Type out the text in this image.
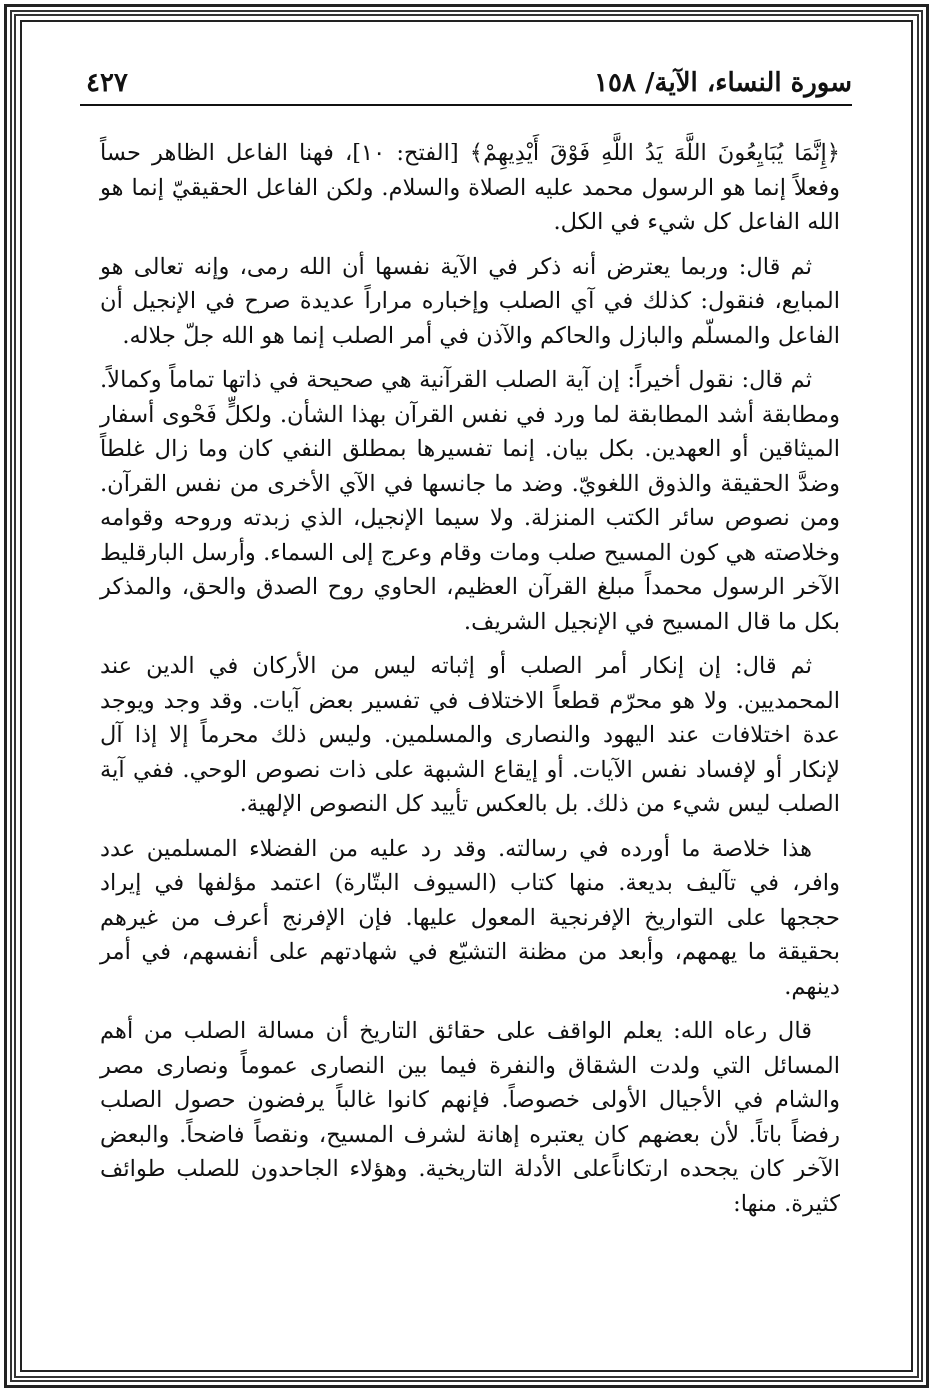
سورة النساء، الآية/ ١٥٨
٤٢٧

﴿إِنَّمَا يُبَايِعُونَ اللَّهَ يَدُ اللَّهِ فَوْقَ أَيْدِيهِمْ﴾ [الفتح: ١٠]، فهنا الفاعل الظاهر حساً وفعلاً إنما هو الرسول محمد عليه الصلاة والسلام. ولكن الفاعل الحقيقيّ إنما هو الله الفاعل كل شيء في الكل.

ثم قال: وربما يعترض أنه ذكر في الآية نفسها أن الله رمى، وإنه تعالى هو المبايع، فنقول: كذلك في آي الصلب وإخباره مراراً عديدة صرح في الإنجيل أن الفاعل والمسلّم والبازل والحاكم والآذن في أمر الصلب إنما هو الله جلّ جلاله.

ثم قال: نقول أخيراً: إن آية الصلب القرآنية هي صحيحة في ذاتها تماماً وكمالاً. ومطابقة أشد المطابقة لما ورد في نفس القرآن بهذا الشأن. ولكلٍّ فَحْوى أسفار الميثاقين أو العهدين. بكل بيان. إنما تفسيرها بمطلق النفي كان وما زال غلطاً وضدَّ الحقيقة والذوق اللغويّ. وضد ما جانسها في الآي الأخرى من نفس القرآن. ومن نصوص سائر الكتب المنزلة. ولا سيما الإنجيل، الذي زبدته وروحه وقوامه وخلاصته هي كون المسيح صلب ومات وقام وعرج إلى السماء. وأرسل البارقليط الآخر الرسول محمداً مبلغ القرآن العظيم، الحاوي روح الصدق والحق، والمذكر بكل ما قال المسيح في الإنجيل الشريف.

ثم قال: إن إنكار أمر الصلب أو إثباته ليس من الأركان في الدين عند المحمديين. ولا هو محرّم قطعاً الاختلاف في تفسير بعض آيات. وقد وجد ويوجد عدة اختلافات عند اليهود والنصارى والمسلمين. وليس ذلك محرماً إلا إذا آل لإنكار أو لإفساد نفس الآيات. أو إيقاع الشبهة على ذات نصوص الوحي. ففي آية الصلب ليس شيء من ذلك. بل بالعكس تأييد كل النصوص الإلهية.

هذا خلاصة ما أورده في رسالته. وقد رد عليه من الفضلاء المسلمين عدد وافر، في تآليف بديعة. منها كتاب (السيوف البتّارة) اعتمد مؤلفها في إيراد حججها على التواريخ الإفرنجية المعول عليها. فإن الإفرنج أعرف من غيرهم بحقيقة ما يهمهم، وأبعد من مظنة التشيّع في شهادتهم على أنفسهم، في أمر دينهم.

قال رعاه الله: يعلم الواقف على حقائق التاريخ أن مسالة الصلب من أهم المسائل التي ولدت الشقاق والنفرة فيما بين النصارى عموماً ونصارى مصر والشام في الأجيال الأولى خصوصاً. فإنهم كانوا غالباً يرفضون حصول الصلب رفضاً باتاً. لأن بعضهم كان يعتبره إهانة لشرف المسيح، ونقصاً فاضحاً. والبعض الآخر كان يجحده ارتكاناًعلى الأدلة التاريخية. وهؤلاء الجاحدون للصلب طوائف كثيرة. منها:
